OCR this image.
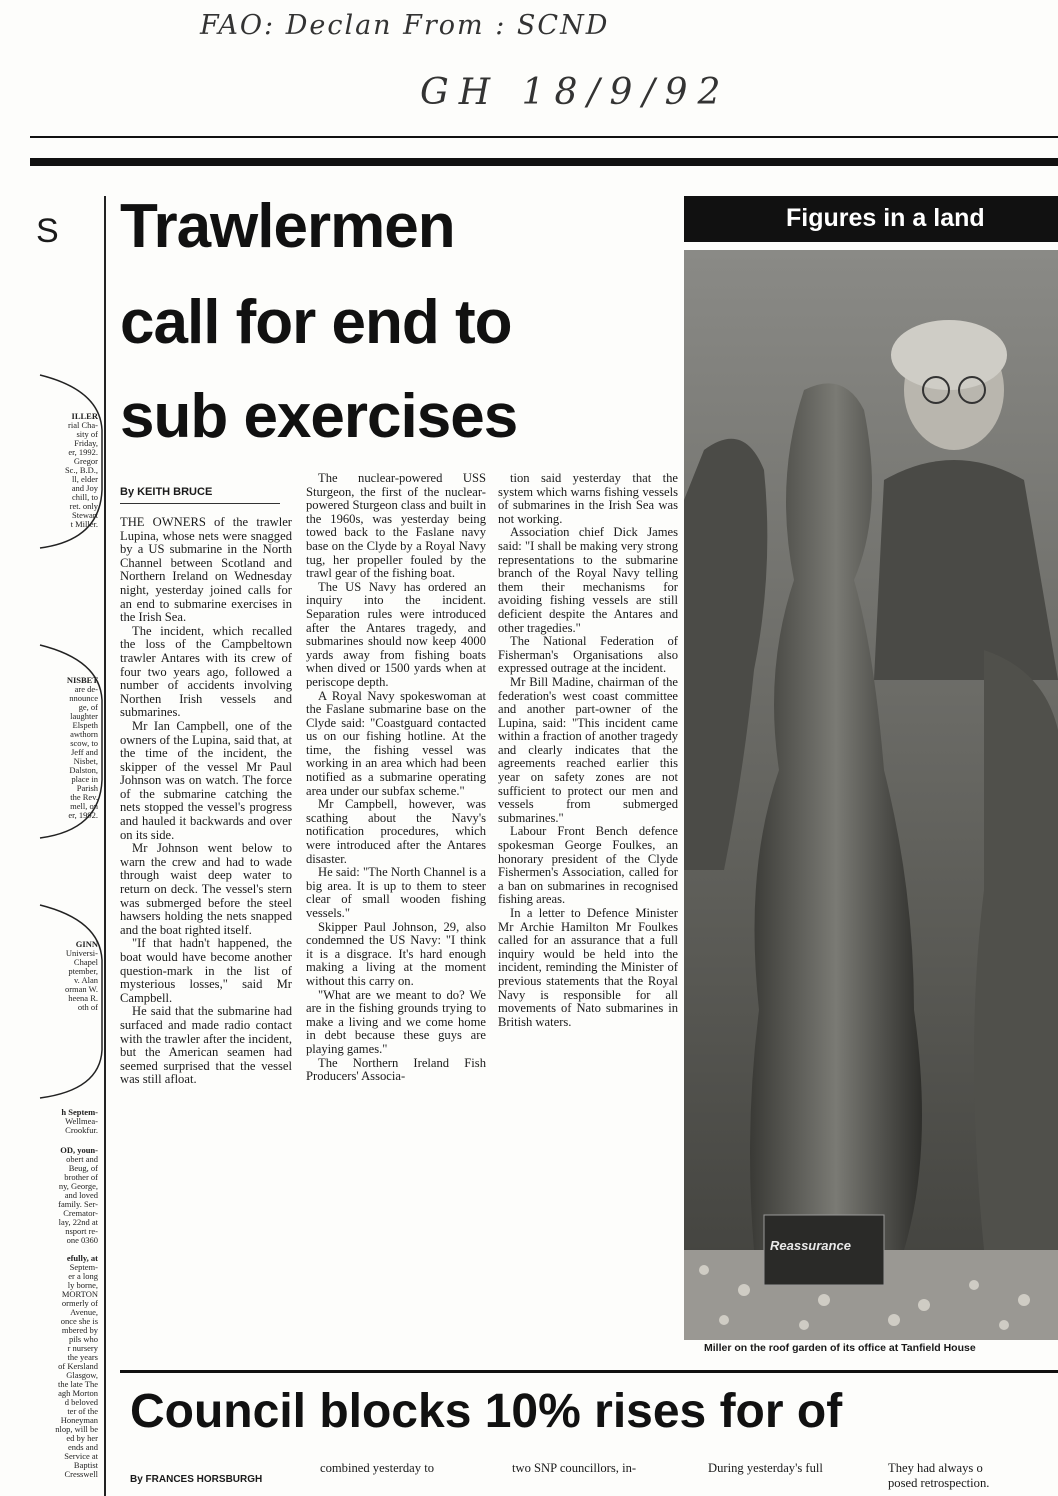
FAO: Declan From : SCND
GH 18/9/92
S

ILLER

rial Cha-

sity of

Friday,

er, 1992.

Gregor

Sc., B.D.,

ll, elder

and Joy

chill, to

ret. only

Stewart

t Miller.

NISBET

are de-

nnounce

ge, of

laughter

Elspeth

awthorn

scow, to

Jeff and

Nisbet,

Dalston,

place in

Parish

the Rev.

mell, on

er, 1992.

GINN

Universi-

Chapel

ptember,

v. Alan

orman W.

heena R.

oth of

h Septem-

Wellmea-

Crookfur.

OD, youn-

obert and

Beug, of

brother of

ny, George,

and loved

family. Ser-

Cremator-

lay, 22nd at

nsport re-

one 0360

efully, at

Septem-

er a long

ly borne,

MORTON

ormerly of

Avenue,

once she is

mbered by

pils who

r nursery

the years

of Kersland

Glasgow,

the late The

agh Morton

d beloved

ter of the

Honeyman

nlop, will be

ed by her

ends and

Service at

Baptist

Cresswell

Trawlermen
call for end to
sub exercises
By KEITH BRUCE

THE OWNERS of the trawler Lupina, whose nets were snagged by a US submarine in the North Channel between Scotland and Northern Ireland on Wednesday night, yesterday joined calls for an end to submarine exercises in the Irish Sea.

The incident, which recalled the loss of the Campbeltown trawler Antares with its crew of four two years ago, followed a number of accidents involving Northen Irish vessels and submarines.

Mr Ian Campbell, one of the owners of the Lupina, said that, at the time of the incident, the skipper of the vessel Mr Paul Johnson was on watch. The force of the submarine catching the nets stopped the vessel's progress and hauled it backwards and over on its side.

Mr Johnson went below to warn the crew and had to wade through waist deep water to return on deck. The vessel's stern was submerged before the steel hawsers holding the nets snapped and the boat righted itself.

"If that hadn't happened, the boat would have become another question-mark in the list of mysterious losses," said Mr Campbell.

He said that the submarine had surfaced and made radio contact with the trawler after the incident, but the American seamen had seemed surprised that the vessel was still afloat.

The nuclear-powered USS Sturgeon, the first of the nuclear-powered Sturgeon class and built in the 1960s, was yesterday being towed back to the Faslane navy base on the Clyde by a Royal Navy tug, her propeller fouled by the trawl gear of the fishing boat.

The US Navy has ordered an inquiry into the incident. Separation rules were introduced after the Antares tragedy, and submarines should now keep 4000 yards away from fishing boats when dived or 1500 yards when at periscope depth.

A Royal Navy spokeswoman at the Faslane submarine base on the Clyde said: "Coastguard contacted us on our fishing hotline. At the time, the fishing vessel was working in an area which had been notified as a submarine operating area under our subfax scheme."

Mr Campbell, however, was scathing about the Navy's notification procedures, which were introduced after the Antares disaster.

He said: "The North Channel is a big area. It is up to them to steer clear of small wooden fishing vessels."

Skipper Paul Johnson, 29, also condemned the US Navy: "I think it is a disgrace. It's hard enough making a living at the moment without this carry on.

"What are we meant to do? We are in the fishing grounds trying to make a living and we come home in debt because these guys are playing games."

The Northern Ireland Fish Producers' Associa-

tion said yesterday that the system which warns fishing vessels of submarines in the Irish Sea was not working.

Association chief Dick James said: "I shall be making very strong representations to the submarine branch of the Royal Navy telling them their mechanisms for avoiding fishing vessels are still deficient despite the Antares and other tragedies."

The National Federation of Fisherman's Organisations also expressed outrage at the incident.

Mr Bill Madine, chairman of the federation's west coast committee and another part-owner of the Lupina, said: "This incident came within a fraction of another tragedy and clearly indicates that the agreements reached earlier this year on safety zones are not sufficient to protect our men and vessels from submerged submarines."

Labour Front Bench defence spokesman George Foulkes, an honorary president of the Clyde Fishermen's Association, called for a ban on submarines in recognised fishing areas.

In a letter to Defence Minister Mr Archie Hamilton Mr Foulkes called for an assurance that a full inquiry would be held into the incident, reminding the Minister of previous statements that the Royal Navy is responsible for all movements of Nato submarines in British waters.

Figures in a land
Reassurance
Miller on the roof garden of its office at Tanfield House
Council blocks 10% rises for of
By FRANCES HORSBURGH
combined yesterday to	two SNP councillors, in-	During yesterday's full	They had always o
posed retrospection.
